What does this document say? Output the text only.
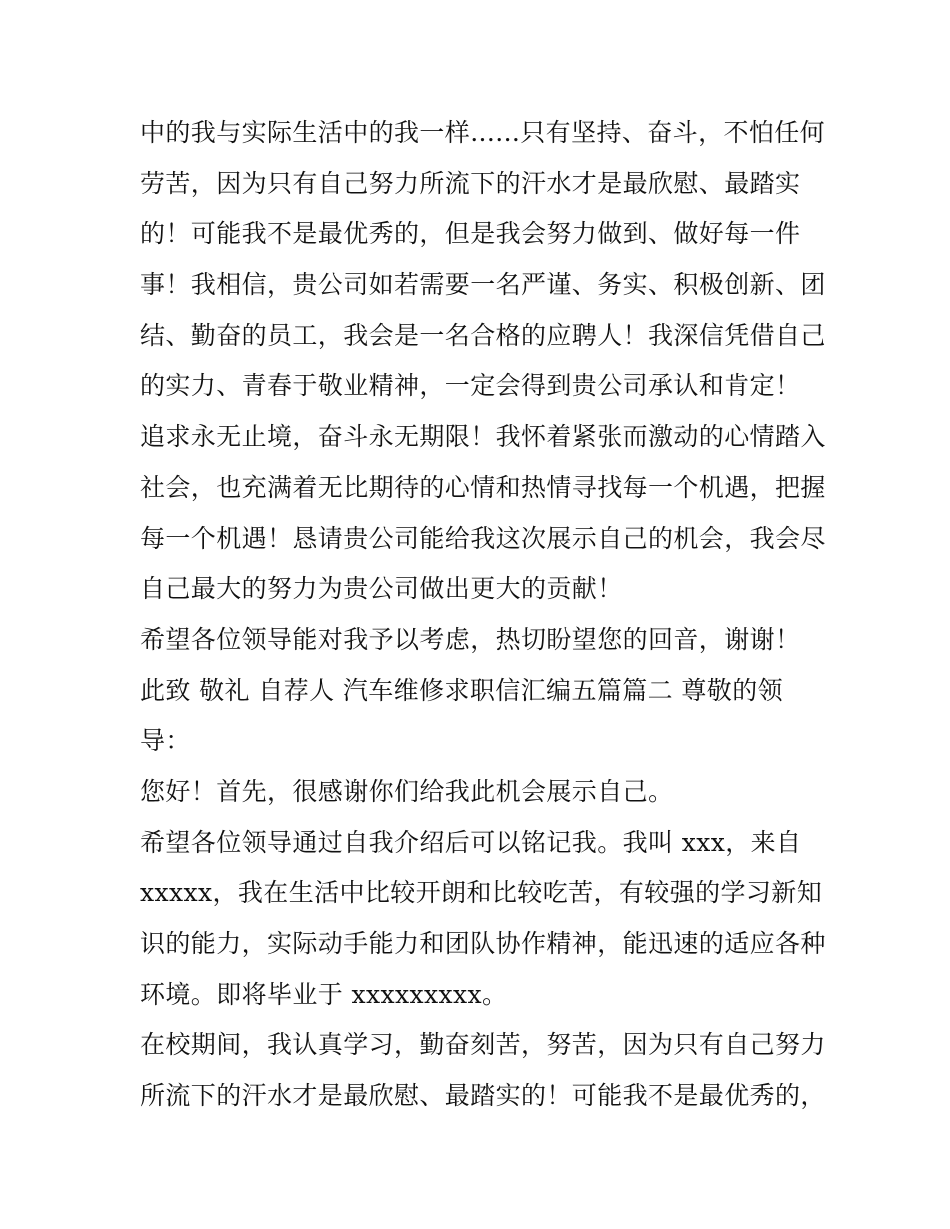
中的我与实际生活中的我一样......只有坚持、奋斗，不怕任何
劳苦，因为只有自己努力所流下的汗水才是最欣慰、最踏实
的！可能我不是最优秀的，但是我会努力做到、做好每一件
事！我相信，贵公司如若需要一名严谨、务实、积极创新、团
结、勤奋的员工，我会是一名合格的应聘人！我深信凭借自己
的实力、青春于敬业精神，一定会得到贵公司承认和肯定！
追求永无止境，奋斗永无期限！我怀着紧张而激动的心情踏入
社会，也充满着无比期待的心情和热情寻找每一个机遇，把握
每一个机遇！恳请贵公司能给我这次展示自己的机会，我会尽
自己最大的努力为贵公司做出更大的贡献！
希望各位领导能对我予以考虑，热切盼望您的回音，谢谢！
此致 敬礼 自荐人 汽车维修求职信汇编五篇篇二 尊敬的领
导：
您好！首先，很感谢你们给我此机会展示自己。
希望各位领导通过自我介绍后可以铭记我。我叫 xxx，来自
xxxxx，我在生活中比较开朗和比较吃苦，有较强的学习新知
识的能力，实际动手能力和团队协作精神，能迅速的适应各种
环境。即将毕业于 xxxxxxxxx。
在校期间，我认真学习，勤奋刻苦，努苦，因为只有自己努力
所流下的汗水才是最欣慰、最踏实的！可能我不是最优秀的，
